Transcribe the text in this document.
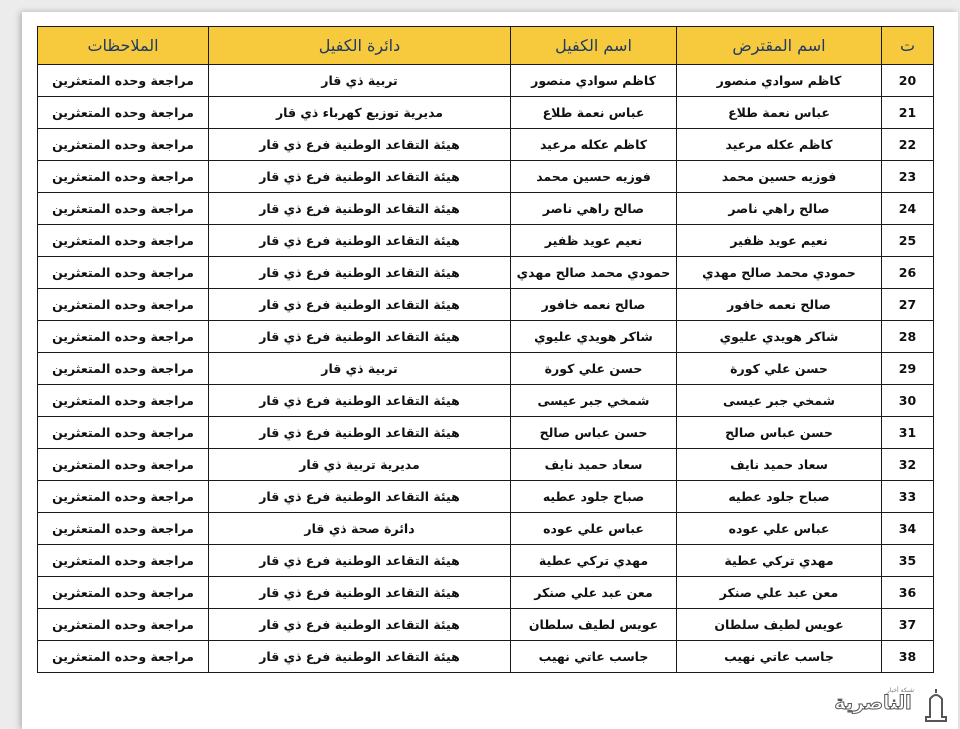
ت	اسم المقترض	اسم الكفيل	دائرة الكفيل	الملاحظات
20	كاظم سوادي منصور	كاظم سوادي منصور	تربية ذي قار	مراجعة وحده المتعثرين
21	عباس نعمة طلاع	عباس نعمة طلاع	مديرية توزيع كهرباء ذي قار	مراجعة وحده المتعثرين
22	كاظم عكله مرعيد	كاظم عكله مرعيد	هيئة التقاعد الوطنية فرع ذي قار	مراجعة وحده المتعثرين
23	فوزيه حسين محمد	فوزيه حسين محمد	هيئة التقاعد الوطنية فرع ذي قار	مراجعة وحده المتعثرين
24	صالح راهي ناصر	صالح راهي ناصر	هيئة التقاعد الوطنية فرع ذي قار	مراجعة وحده المتعثرين
25	نعيم عويد ظفير	نعيم عويد ظفير	هيئة التقاعد الوطنية فرع ذي قار	مراجعة وحده المتعثرين
26	حمودي محمد صالح مهدي	حمودي محمد صالح مهدي	هيئة التقاعد الوطنية فرع ذي قار	مراجعة وحده المتعثرين
27	صالح نعمه خافور	صالح نعمه خافور	هيئة التقاعد الوطنية فرع ذي قار	مراجعة وحده المتعثرين
28	شاكر هويدي عليوي	شاكر هويدي عليوي	هيئة التقاعد الوطنية فرع ذي قار	مراجعة وحده المتعثرين
29	حسن علي كورة	حسن علي كورة	تربية ذي قار	مراجعة وحده المتعثرين
30	شمخي جبر عيسى	شمخي جبر عيسى	هيئة التقاعد الوطنية فرع ذي قار	مراجعة وحده المتعثرين
31	حسن عباس صالح	حسن عباس صالح	هيئة التقاعد الوطنية فرع ذي قار	مراجعة وحده المتعثرين
32	سعاد حميد نايف	سعاد حميد نايف	مديرية تربية ذي قار	مراجعة وحده المتعثرين
33	صباح جلود عطيه	صباح جلود عطيه	هيئة التقاعد الوطنية فرع ذي قار	مراجعة وحده المتعثرين
34	عباس علي عوده	عباس علي عوده	دائرة صحة ذي قار	مراجعة وحده المتعثرين
35	مهدي تركي عطية	مهدي تركي عطية	هيئة التقاعد الوطنية فرع ذي قار	مراجعة وحده المتعثرين
36	معن عبد علي صنكر	معن عبد علي صنكر	هيئة التقاعد الوطنية فرع ذي قار	مراجعة وحده المتعثرين
37	عويس لطيف سلطان	عويس لطيف سلطان	هيئة التقاعد الوطنية فرع ذي قار	مراجعة وحده المتعثرين
38	جاسب عاتي نهيب	جاسب عاتي نهيب	هيئة التقاعد الوطنية فرع ذي قار	مراجعة وحده المتعثرين
شبكة أخبار
الناصرية
